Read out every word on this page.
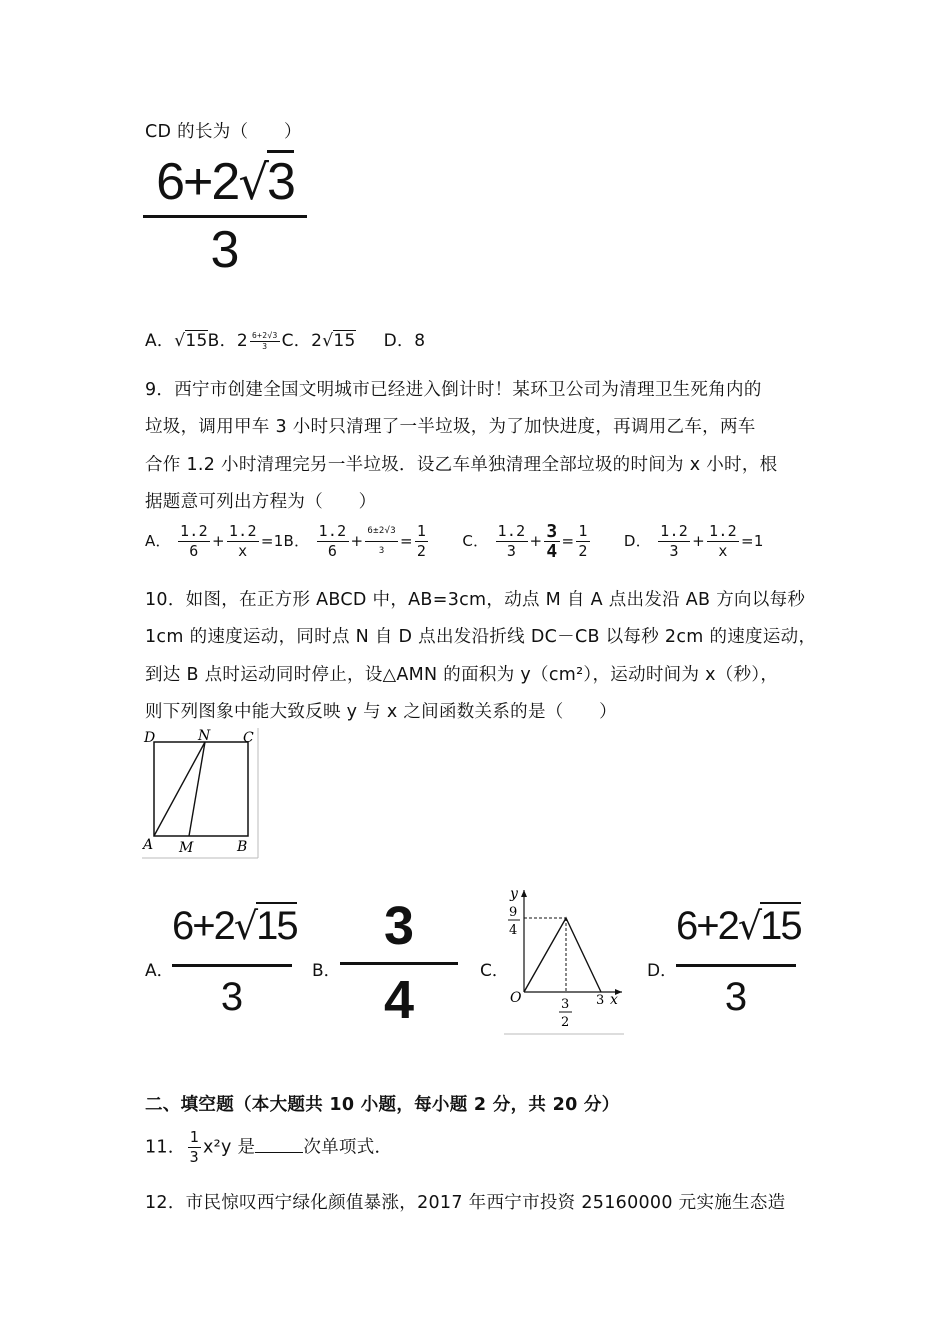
CD 的长为（　　）
6+2√3
3
A．√15B．$2 \frac{6+2√3}{3}$ C．2√15 D．8
9．西宁市创建全国文明城市已经进入倒计时！某环卫公司为清理卫生死角内的
垃圾，调用甲车 3 小时只清理了一半垃圾，为了加快进度，再调用乙车，两车
合作 1.2 小时清理完另一半垃圾．设乙车单独清理全部垃圾的时间为 x 小时，根
据题意可列出方程为（　　）
A． $\frac{1.2}{6} + \frac{1.2}{x} =1B$． $\frac{1.2}{6} + \frac{6\pm 2√3}{3} = \frac{1}{2}$ C． $\frac{1.2}{3} + \frac{3}{4} = \frac{1}{2}$ D． $\frac{1.2}{3} + \frac{1.2}{x} =1$
10．如图，在正方形 ABCD 中，AB=3cm，动点 M 自 A 点出发沿 AB 方向以每秒
1cm 的速度运动，同时点 N 自 D 点出发沿折线 DC－CB 以每秒 2cm 的速度运动，
到达 B 点时运动同时停止，设△AMN 的面积为 y（cm²），运动时间为 x（秒），
则下列图象中能大致反映 y 与 x 之间函数关系的是（　　）
D	N C
A M	B
A．
6+2√15
3
B．
3
4	C．
y
x
O
9
4
3
2
3
D．
6+2√15
3
二、填空题（本大题共 10 小题，每小题 2 分，共 20 分）
11． $\frac{1}{3} x^2y$ 是	次单项式．
12．市民惊叹西宁绿化颜值暴涨，2017 年西宁市投资 25160000 元实施生态造
